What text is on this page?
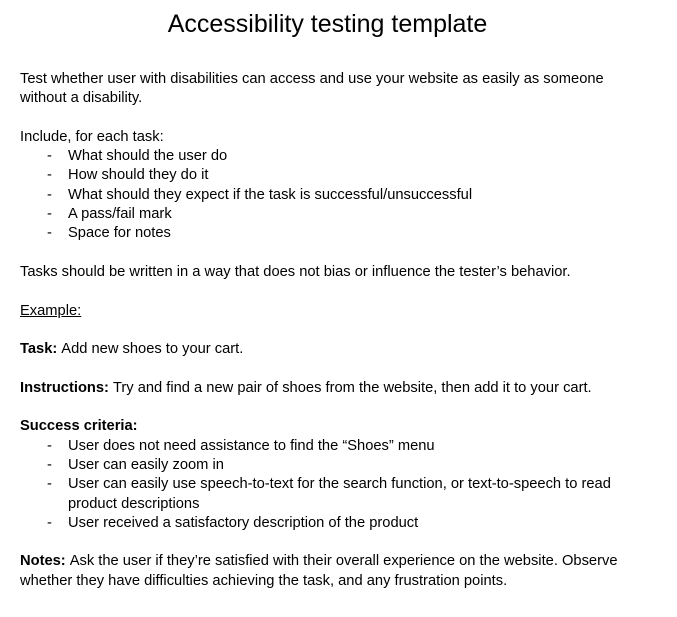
Accessibility testing template

Test whether user with disabilities can access and use your website as easily as someone without a disability.

Include, for each task:

-	What should the user do
-	How should they do it
-	What should they expect if the task is successful/unsuccessful
-	A pass/fail mark
-	Space for notes

Tasks should be written in a way that does not bias or influence the tester’s behavior.

Example:

Task: Add new shoes to your cart.

Instructions: Try and find a new pair of shoes from the website, then add it to your cart.

Success criteria:

-	User does not need assistance to find the “Shoes” menu
-	User can easily zoom in
-	User can easily use speech-to-text for the search function, or text-to-speech to read product descriptions
-	User received a satisfactory description of the product

Notes: Ask the user if they’re satisfied with their overall experience on the website. Observe whether they have difficulties achieving the task, and any frustration points.
